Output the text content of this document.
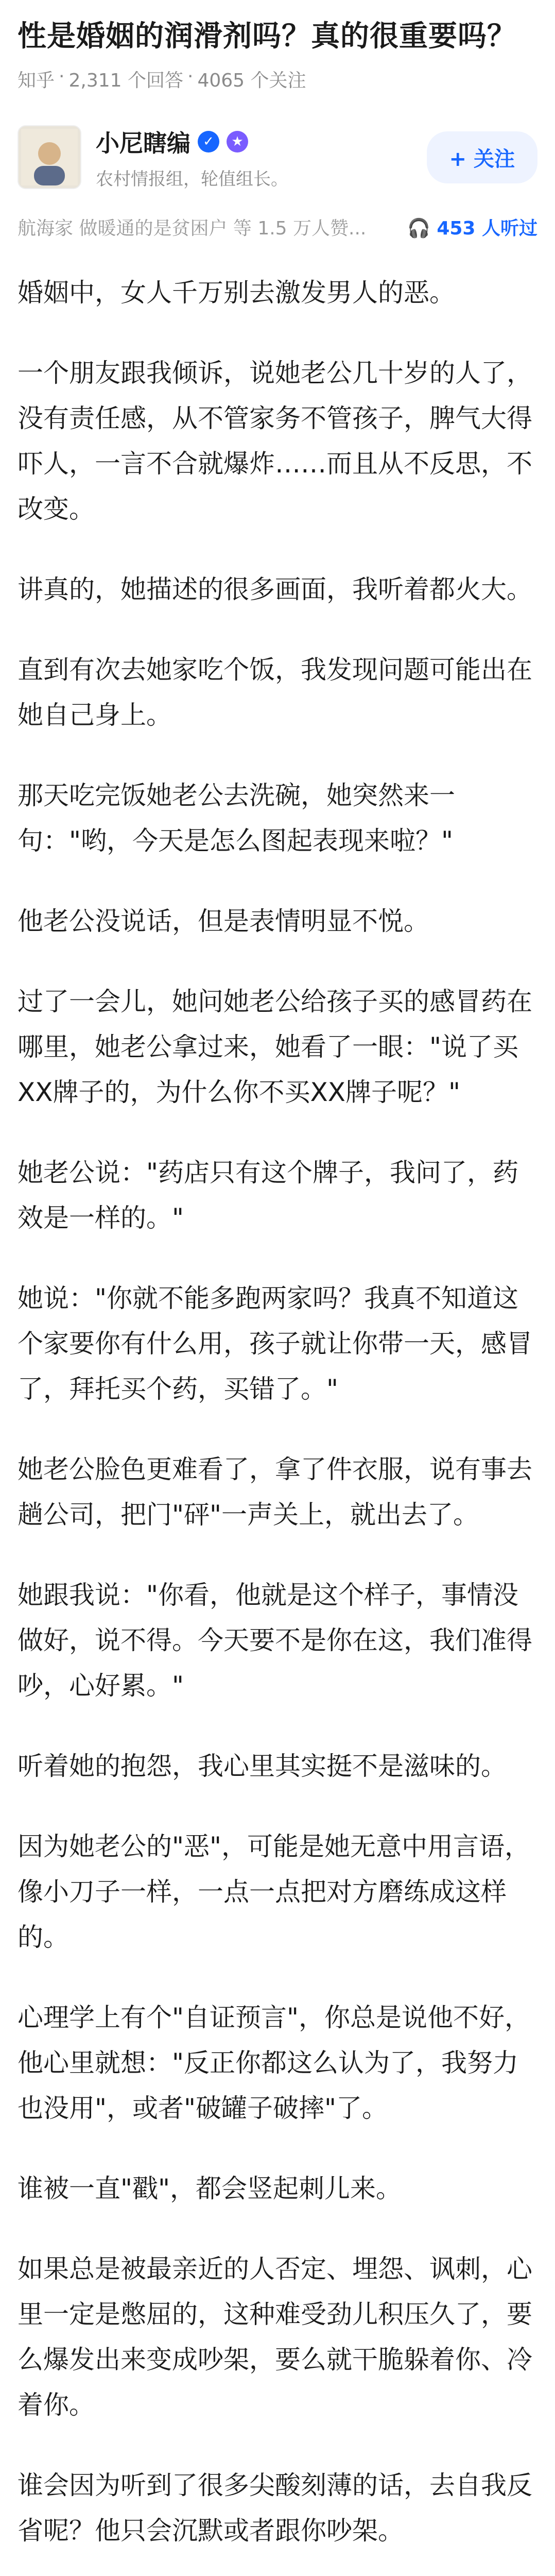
性是婚姻的润滑剂吗？真的很重要吗？
知乎 · 2,311 个回答 · 4065 个关注
小尼瞎编 ✓	★
农村情报组，轮值组长。
+ 关注
航海家 做暖通的是贫困户 等 1.5 万人赞... 🎧 453 人听过

婚姻中，女人千万别去激发男人的恶。

一个朋友跟我倾诉，说她老公几十岁的人了，没有责任感，从不管家务不管孩子，脾气大得吓人，一言不合就爆炸……而且从不反思，不改变。

讲真的，她描述的很多画面，我听着都火大。

直到有次去她家吃个饭，我发现问题可能出在她自己身上。

那天吃完饭她老公去洗碗，她突然来一句："哟，今天是怎么图起表现来啦？"

他老公没说话，但是表情明显不悦。

过了一会儿，她问她老公给孩子买的感冒药在哪里，她老公拿过来，她看了一眼："说了买XX牌子的，为什么你不买XX牌子呢？"

她老公说："药店只有这个牌子，我问了，药效是一样的。"

她说："你就不能多跑两家吗？我真不知道这个家要你有什么用，孩子就让你带一天，感冒了，拜托买个药，买错了。"

她老公脸色更难看了，拿了件衣服，说有事去趟公司，把门"砰"一声关上，就出去了。

她跟我说："你看，他就是这个样子，事情没做好，说不得。今天要不是你在这，我们准得吵，心好累。"

听着她的抱怨，我心里其实挺不是滋味的。

因为她老公的"恶"，可能是她无意中用言语，像小刀子一样，一点一点把对方磨练成这样的。

心理学上有个"自证预言"，你总是说他不好，他心里就想："反正你都这么认为了，我努力也没用"，或者"破罐子破摔"了。

谁被一直"戳"，都会竖起刺儿来。

如果总是被最亲近的人否定、埋怨、讽刺，心里一定是憋屈的，这种难受劲儿积压久了，要么爆发出来变成吵架，要么就干脆躲着你、冷着你。

谁会因为听到了很多尖酸刻薄的话，去自我反省呢？他只会沉默或者跟你吵架。
